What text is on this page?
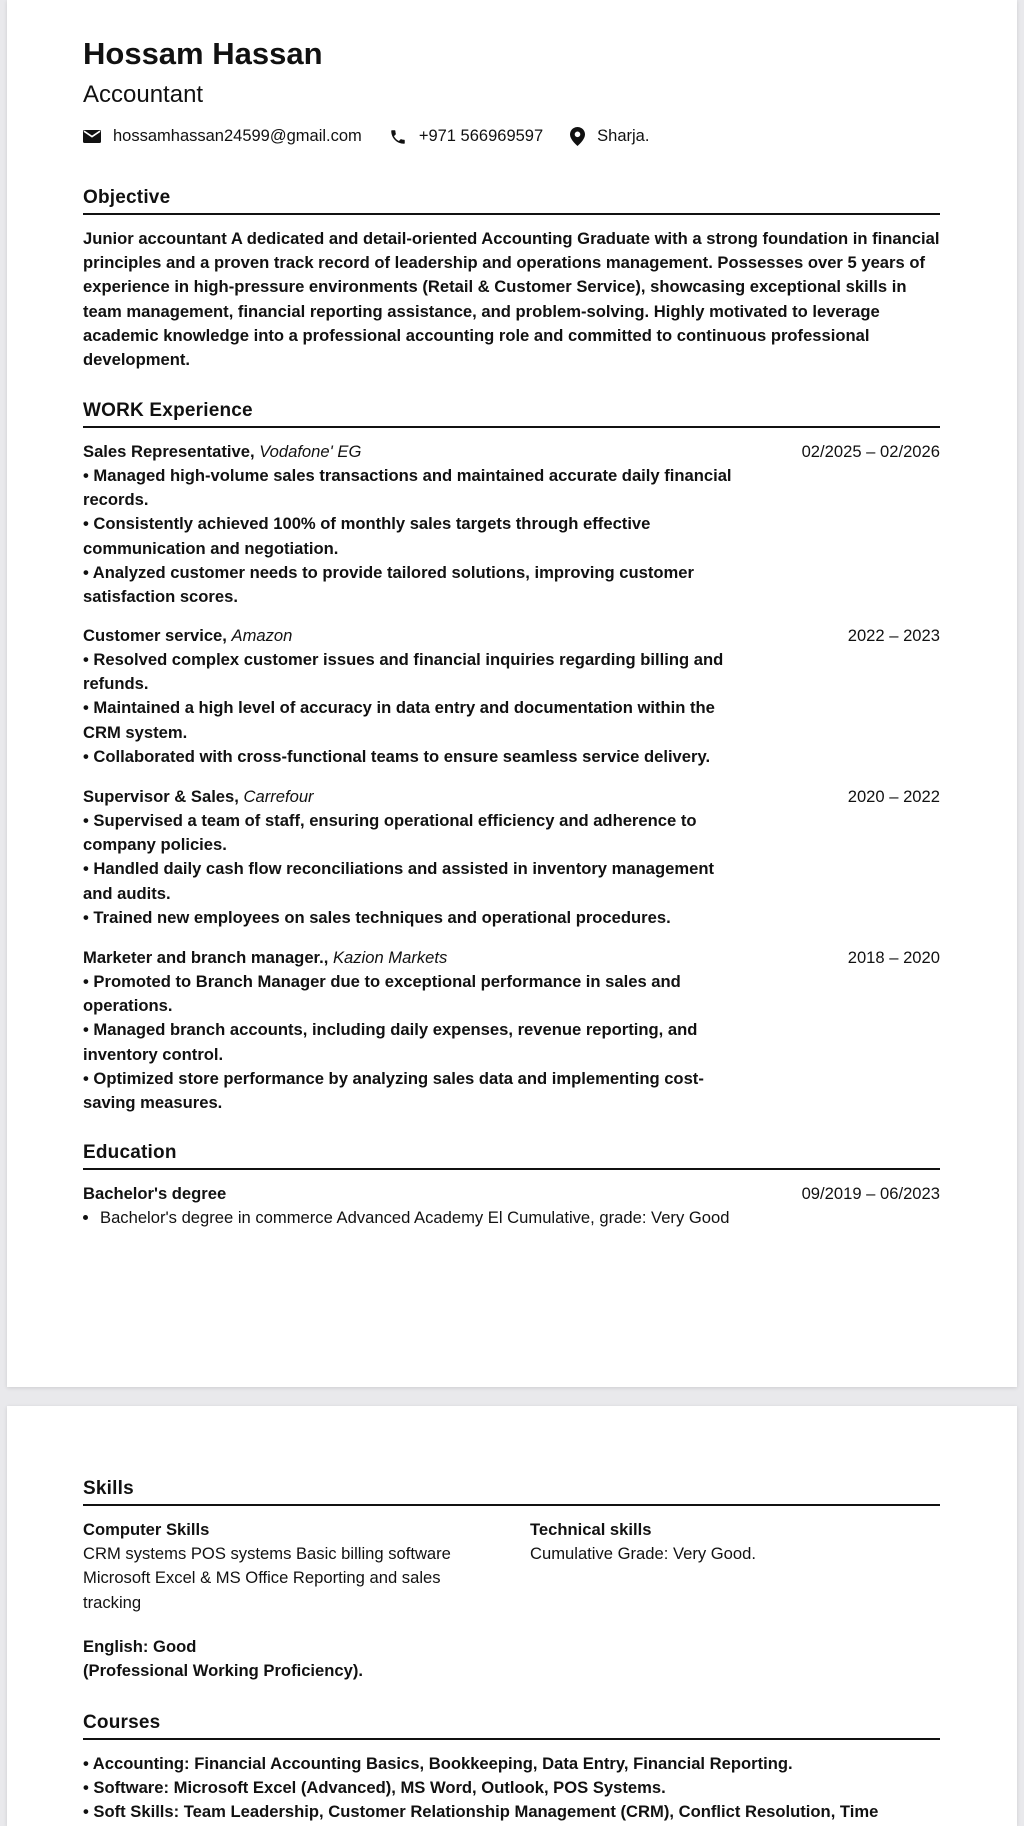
Hossam Hassan
Accountant
hossamhassan24599@gmail.com	+971 566969597	Sharja.
Objective
Junior accountant A dedicated and detail-oriented Accounting Graduate with a strong foundation in financial principles and a proven track record of leadership and operations management. Possesses over 5 years of experience in high-pressure environments (Retail & Customer Service), showcasing exceptional skills in team management, financial reporting assistance, and problem-solving. Highly motivated to leverage academic knowledge into a professional accounting role and committed to continuous professional development.
WORK Experience
Sales Representative, Vodafone' EG	02/2025 – 02/2026
• Managed high-volume sales transactions and maintained accurate daily financial records.
• Consistently achieved 100% of monthly sales targets through effective communication and negotiation.
• Analyzed customer needs to provide tailored solutions, improving customer satisfaction scores.
Customer service, Amazon	2022 – 2023
• Resolved complex customer issues and financial inquiries regarding billing and refunds.
• Maintained a high level of accuracy in data entry and documentation within the CRM system.
• Collaborated with cross-functional teams to ensure seamless service delivery.
Supervisor & Sales, Carrefour	2020 – 2022
• Supervised a team of staff, ensuring operational efficiency and adherence to company policies.
• Handled daily cash flow reconciliations and assisted in inventory management and audits.
• Trained new employees on sales techniques and operational procedures.
Marketer and branch manager., Kazion Markets	2018 – 2020
• Promoted to Branch Manager due to exceptional performance in sales and operations.
• Managed branch accounts, including daily expenses, revenue reporting, and inventory control.
• Optimized store performance by analyzing sales data and implementing cost-saving measures.
Education
Bachelor's degree	09/2019 – 06/2023
• Bachelor's degree in commerce Advanced Academy El Cumulative, grade: Very Good
Skills
Computer Skills
CRM systems POS systems Basic billing software Microsoft Excel & MS Office Reporting and sales tracking
Technical skills
Cumulative Grade: Very Good.
English: Good
(Professional Working Proficiency).
Courses
• Accounting: Financial Accounting Basics, Bookkeeping, Data Entry, Financial Reporting.
• Software: Microsoft Excel (Advanced), MS Word, Outlook, POS Systems.
• Soft Skills: Team Leadership, Customer Relationship Management (CRM), Conflict Resolution, Time
